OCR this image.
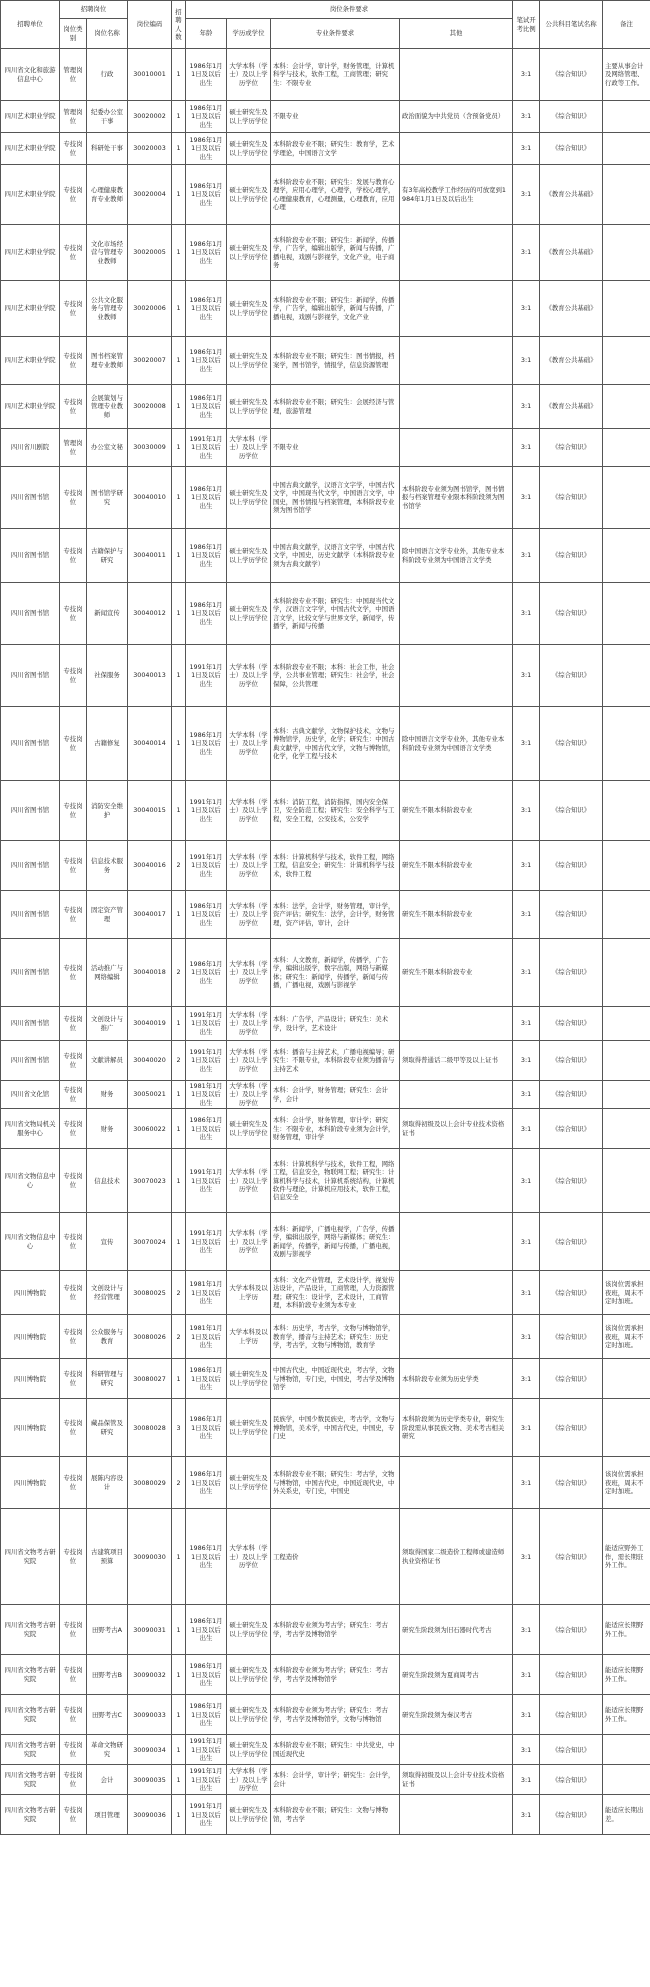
招聘单位	招聘岗位		岗位编码	招聘人数	岗位条件要求				笔试开考比例	公共科目笔试名称	备注
	岗位类别	岗位名称			年龄	学历或学位	专业条件要求	其他			
四川省文化和旅游信息中心	管理岗位	行政	30010001	1	1986年1月1日及以后出生	大学本科（学士）及以上学历学位	本科：会计学，审计学，财务管理，计算机科学与技术，软件工程，工商管理；研究生：不限专业		3:1	《综合知识》	主要从事会计及网络管理、行政等工作。
四川艺术职业学院	管理岗位	纪委办公室干事	30020002	1	1986年1月1日及以后出生	硕士研究生及以上学历学位	不限专业	政治面貌为中共党员（含预备党员）	3:1	《综合知识》	
四川艺术职业学院	专技岗位	科研处干事	30020003	1	1986年1月1日及以后出生	硕士研究生及以上学历学位	本科阶段专业不限；研究生：教育学，艺术学理论，中国语言文学		3:1	《综合知识》	
四川艺术职业学院	专技岗位	心理健康教育专业教师	30020004	1	1986年1月1日及以后出生	硕士研究生及以上学历学位	本科阶段专业不限；研究生：发展与教育心理学，应用心理学，心理学，学校心理学，心理健康教育，心理测量，心理教育，应用心理	有3年高校教学工作经历的可放宽到1984年1月1日及以后出生	3:1	《教育公共基础》	
四川艺术职业学院	专技岗位	文化市场经营与管理专业教师	30020005	1	1986年1月1日及以后出生	硕士研究生及以上学历学位	本科阶段专业不限；研究生：新闻学，传播学，广告学，编辑出版学，新闻与传播，广播电视，戏剧与影视学，文化产业，电子商务		3:1	《教育公共基础》	
四川艺术职业学院	专技岗位	公共文化服务与管理专业教师	30020006	1	1986年1月1日及以后出生	硕士研究生及以上学历学位	本科阶段专业不限；研究生：新闻学，传播学，广告学，编辑出版学，新闻与传播，广播电视，戏剧与影视学，文化产业		3:1	《教育公共基础》	
四川艺术职业学院	专技岗位	图书档案管理专业教师	30020007	1	1986年1月1日及以后出生	硕士研究生及以上学历学位	本科阶段专业不限；研究生：图书情报，档案学，图书馆学，情报学，信息资源管理		3:1	《教育公共基础》	
四川艺术职业学院	专技岗位	会展策划与管理专业教师	30020008	1	1986年1月1日及以后出生	硕士研究生及以上学历学位	本科阶段专业不限；研究生：会展经济与管理，旅游管理		3:1	《教育公共基础》	
四川省川剧院	管理岗位	办公室文秘	30030009	1	1991年1月1日及以后出生	大学本科（学士）及以上学历学位	不限专业		3:1	《综合知识》	
四川省图书馆	专技岗位	图书馆学研究	30040010	1	1986年1月1日及以后出生	硕士研究生及以上学历学位	中国古典文献学，汉语言文字学，中国古代文学，中国现当代文学，中国语言文学，中国史，图书情报与档案管理，本科阶段专业须为图书馆学	本科阶段专业须为图书馆学，图书情报与档案管理专业限本科阶段须为图书馆学	3:1	《综合知识》	
四川省图书馆	专技岗位	古籍保护与研究	30040011	1	1986年1月1日及以后出生	硕士研究生及以上学历学位	中国古典文献学，汉语言文字学，中国古代文学，中国史，历史文献学（本科阶段专业须为古典文献学）	除中国语言文学专业外，其他专业本科阶段专业须为中国语言文学类	3:1	《综合知识》	
四川省图书馆	专技岗位	新闻宣传	30040012	1	1986年1月1日及以后出生	硕士研究生及以上学历学位	本科阶段专业不限；研究生：中国现当代文学，汉语言文字学，中国古代文学，中国语言文学，比较文学与世界文学，新闻学，传播学，新闻与传播		3:1	《综合知识》	
四川省图书馆	专技岗位	社保服务	30040013	1	1991年1月1日及以后出生	大学本科（学士）及以上学历学位	本科阶段专业不限；本科：社会工作，社会学，公共事业管理；研究生：社会学，社会保障，公共管理		3:1	《综合知识》	
四川省图书馆	专技岗位	古籍修复	30040014	1	1986年1月1日及以后出生	大学本科（学士）及以上学历学位	本科：古典文献学，文物保护技术，文物与博物馆学，历史学，化学；研究生：中国古典文献学，中国古代文学，文物与博物馆，化学，化学工程与技术	除中国语言文学专业外，其他专业本科阶段专业须为中国语言文学类	3:1	《综合知识》	
四川省图书馆	专技岗位	消防安全维护	30040015	1	1991年1月1日及以后出生	大学本科（学士）及以上学历学位	本科：消防工程，消防指挥，国内安全保卫，安全防范工程；研究生：安全科学与工程，安全工程，公安技术，公安学	研究生不限本科阶段专业	3:1	《综合知识》	
四川省图书馆	专技岗位	信息技术服务	30040016	2	1991年1月1日及以后出生	大学本科（学士）及以上学历学位	本科：计算机科学与技术，软件工程，网络工程，信息安全；研究生：计算机科学与技术，软件工程	研究生不限本科阶段专业	3:1	《综合知识》	
四川省图书馆	专技岗位	固定资产管理	30040017	1	1986年1月1日及以后出生	大学本科（学士）及以上学历学位	本科：法学，会计学，财务管理，审计学，资产评估；研究生：法学，会计学，财务管理，资产评估，审计，会计	研究生不限本科阶段专业	3:1	《综合知识》	
四川省图书馆	专技岗位	活动推广与网络编辑	30040018	2	1986年1月1日及以后出生	大学本科（学士）及以上学历学位	本科：人文教育，新闻学，传播学，广告学，编辑出版学，数字出版，网络与新媒体；研究生：新闻学，传播学，新闻与传播，广播电视，戏剧与影视学	研究生不限本科阶段专业	3:1	《综合知识》	
四川省图书馆	专技岗位	文创设计与推广	30040019	1	1991年1月1日及以后出生	大学本科（学士）及以上学历学位	本科：广告学，产品设计；研究生：美术学，设计学，艺术设计		3:1	《综合知识》	
四川省图书馆	专技岗位	文献讲解员	30040020	2	1991年1月1日及以后出生	大学本科（学士）及以上学历学位	本科：播音与主持艺术，广播电视编导；研究生：不限专业，本科阶段专业须为播音与主持艺术	须取得普通话二级甲等及以上证书	3:1	《综合知识》	
四川省文化馆	专技岗位	财务	30050021	1	1981年1月1日及以后出生	大学本科（学士）及以上学历学位	本科：会计学，财务管理；研究生：会计学，会计		3:1	《综合知识》	
四川省文物局机关服务中心	专技岗位	财务	30060022	1	1986年1月1日及以后出生	硕士研究生及以上学历学位	本科：会计学，财务管理，审计学；研究生：不限专业，本科阶段专业须为会计学，财务管理，审计学	须取得初级及以上会计专业技术资格证书	3:1	《综合知识》	
四川省文物信息中心	专技岗位	信息技术	30070023	1	1991年1月1日及以后出生	大学本科（学士）及以上学历学位	本科：计算机科学与技术，软件工程，网络工程，信息安全，物联网工程；研究生：计算机科学与技术，计算机系统结构，计算机软件与理论，计算机应用技术，软件工程，信息安全		3:1	《综合知识》	
四川省文物信息中心	专技岗位	宣传	30070024	1	1991年1月1日及以后出生	大学本科（学士）及以上学历学位	本科：新闻学，广播电视学，广告学，传播学，编辑出版学，网络与新媒体；研究生：新闻学，传播学，新闻与传播，广播电视，戏剧与影视学		3:1	《综合知识》	
四川博物院	专技岗位	文创设计与经营管理	30080025	2	1981年1月1日及以后出生	大学本科及以上学历	本科：文化产业管理，艺术设计学，视觉传达设计，产品设计，工商管理，人力资源管理；研究生：设计学，艺术设计，工商管理，本科阶段专业须为本专业		3:1	《综合知识》	该岗位需承担夜班，周末不定时加班。
四川博物院	专技岗位	公众服务与教育	30080026	2	1981年1月1日及以后出生	大学本科及以上学历	本科：历史学，考古学，文物与博物馆学，教育学，播音与主持艺术；研究生：历史学，考古学，文物与博物馆，教育学		3:1	《综合知识》	该岗位需承担夜班，周末不定时加班。
四川博物院	专技岗位	科研管理与研究	30080027	1	1986年1月1日及以后出生	硕士研究生及以上学历学位	中国古代史，中国近现代史，考古学，文物与博物馆，专门史，中国史，考古学及博物馆学	本科阶段专业须为历史学类	3:1	《综合知识》	
四川博物院	专技岗位	藏品保管及研究	30080028	3	1986年1月1日及以后出生	硕士研究生及以上学历学位	民族学，中国少数民族史，考古学，文物与博物馆，美术学，中国古代史，中国史，专门史	本科阶段须为历史学类专业，研究生阶段需从事民族文物、美术考古相关研究	3:1	《综合知识》	
四川博物院	专技岗位	展陈内容设计	30080029	2	1986年1月1日及以后出生	硕士研究生及以上学历学位	本科阶段专业不限；研究生：考古学，文物与博物馆，中国古代史，中国近现代史，中外关系史，专门史，中国史		3:1	《综合知识》	该岗位需承担夜班，周末不定时加班。
四川省文物考古研究院	专技岗位	古建筑项目预算	30090030	1	1986年1月1日及以后出生	大学本科（学士）及以上学历学位	工程造价	须取得国家二级造价工程师或建造师执业资格证书	3:1	《综合知识》	能适应野外工作，需长期驻外工作。
四川省文物考古研究院	专技岗位	田野考古A	30090031	1	1986年1月1日及以后出生	硕士研究生及以上学历学位	本科阶段专业须为考古学；研究生：考古学，考古学及博物馆学	研究生阶段须为旧石器时代考古	3:1	《综合知识》	能适应长期野外工作。
四川省文物考古研究院	专技岗位	田野考古B	30090032	1	1986年1月1日及以后出生	硕士研究生及以上学历学位	本科阶段专业须为考古学；研究生：考古学，考古学及博物馆学	研究生阶段须为夏商周考古	3:1	《综合知识》	能适应长期野外工作。
四川省文物考古研究院	专技岗位	田野考古C	30090033	1	1986年1月1日及以后出生	硕士研究生及以上学历学位	本科阶段专业须为考古学；研究生：考古学，考古学及博物馆学，文物与博物馆	研究生阶段须为秦汉考古	3:1	《综合知识》	能适应长期野外工作。
四川省文物考古研究院	专技岗位	革命文物研究	30090034	1	1991年1月1日及以后出生	硕士研究生及以上学历学位	本科阶段专业不限；研究生：中共党史，中国近现代史		3:1	《综合知识》	
四川省文物考古研究院	专技岗位	会计	30090035	1	1991年1月1日及以后出生	大学本科（学士）及以上学历学位	本科：会计学，审计学；研究生：会计学，会计	须取得初级及以上会计专业技术资格证书	3:1	《综合知识》	
四川省文物考古研究院	专技岗位	项目管理	30090036	1	1991年1月1日及以后出生	硕士研究生及以上学历学位	本科阶段专业不限；研究生：文物与博物馆，考古学		3:1	《综合知识》	能适应长期出差。
